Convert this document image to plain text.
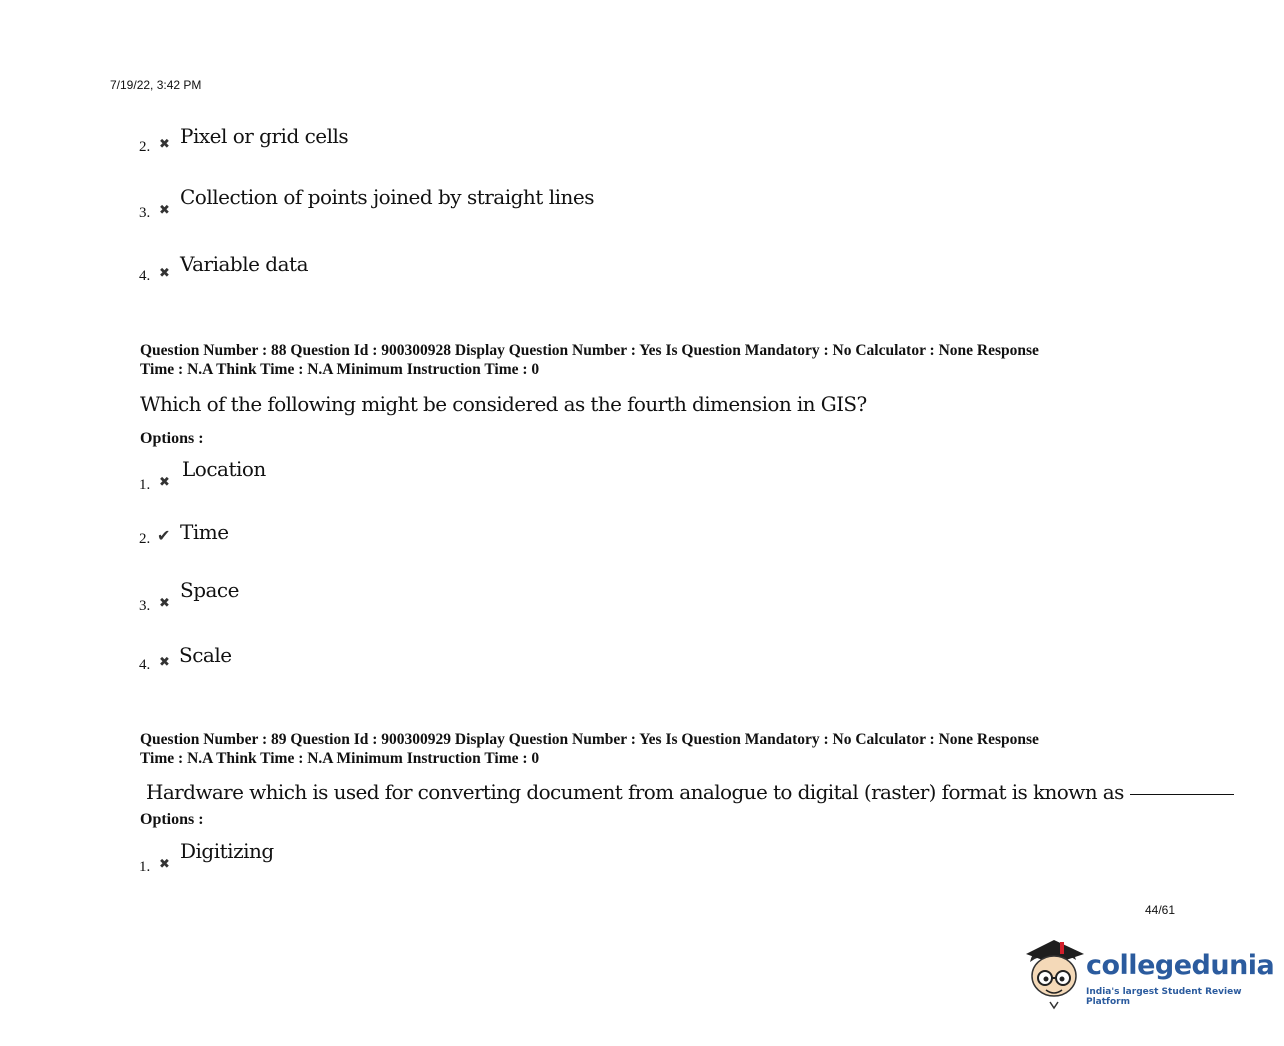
7/19/22, 3:42 PM
2. ✖ Pixel or grid cells
3. ✖
Collection of points joined by straight lines
4. ✖ Variable data
Question Number : 88 Question Id : 900300928 Display Question Number : Yes Is Question Mandatory : No Calculator : None Response
Time : N.A Think Time : N.A Minimum Instruction Time : 0
Which of the following might be considered as the fourth dimension in GIS?
Options :
1. ✖
Location
2. ✔ Time
3. ✖
Space
4. ✖ Scale
Question Number : 89 Question Id : 900300929 Display Question Number : Yes Is Question Mandatory : No Calculator : None Response
Time : N.A Think Time : N.A Minimum Instruction Time : 0
Hardware which is used for converting document from analogue to digital (raster) format is known as
Options :
1. ✖
Digitizing
44/61
collegedunia
India's largest Student Review Platform
